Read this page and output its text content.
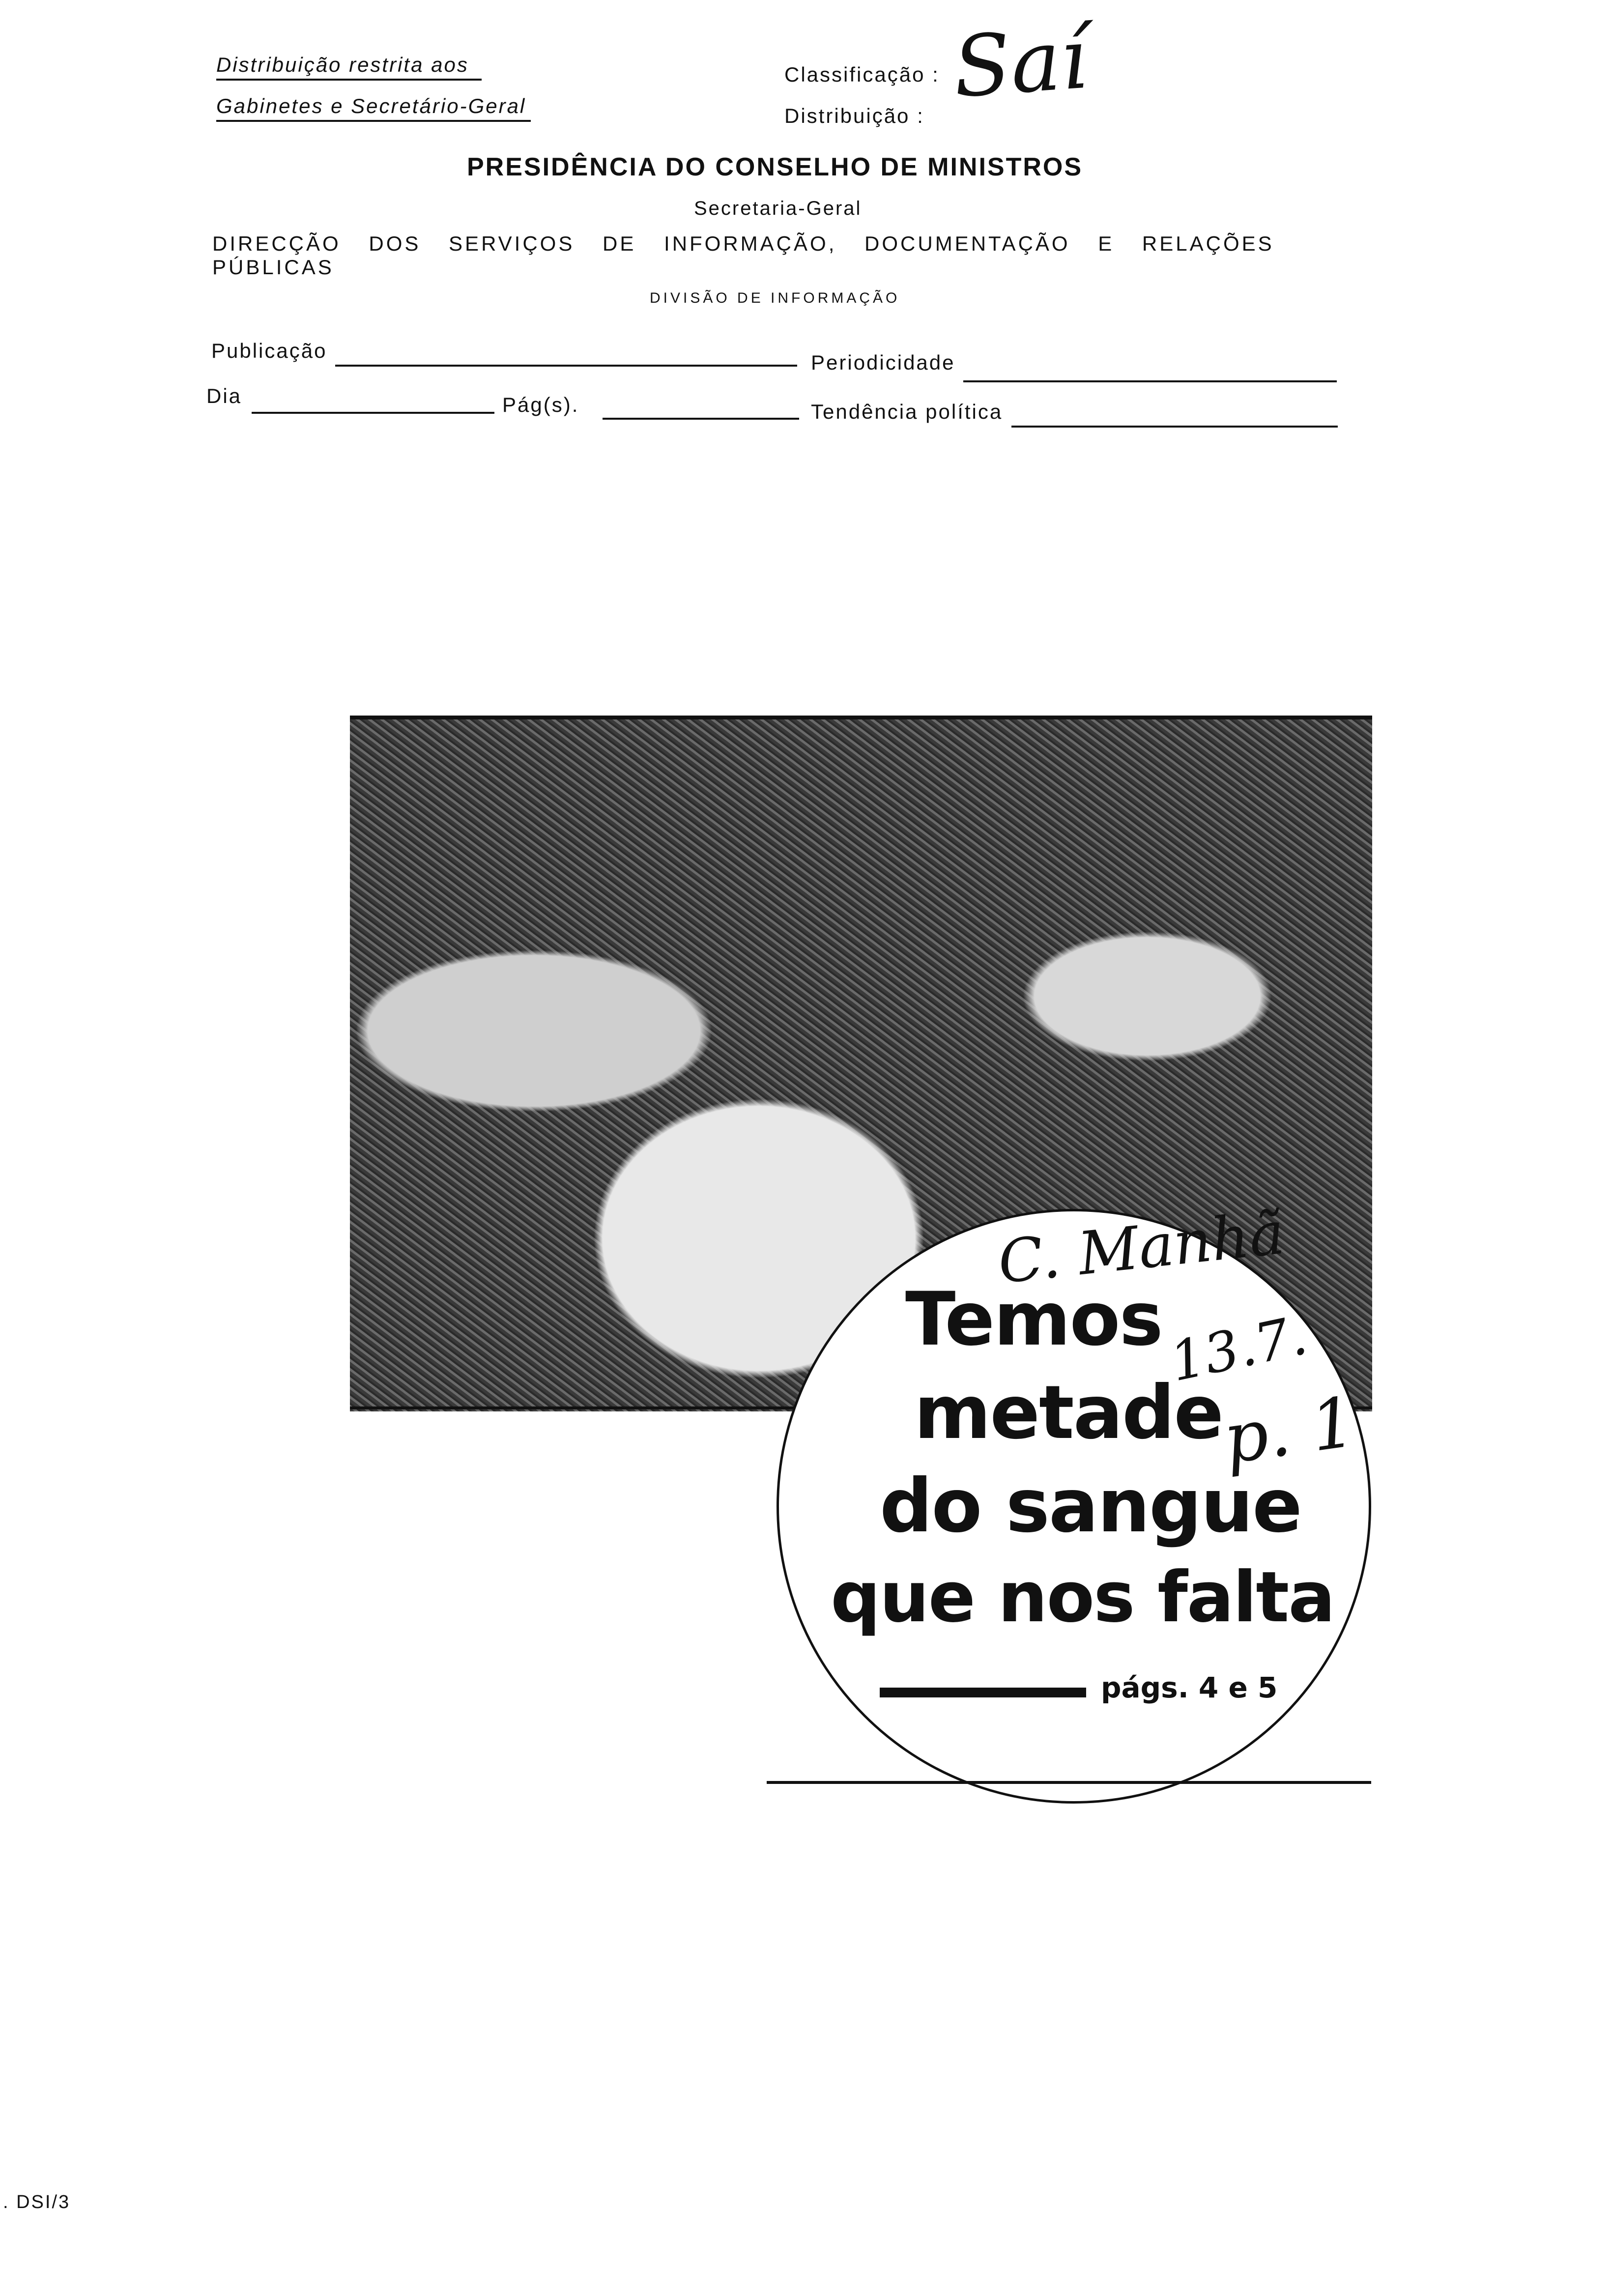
Distribuição restrita aos
Gabinetes e Secretário-Geral
Classificação :
Distribuição : Saí
PRESIDÊNCIA DO CONSELHO DE MINISTROS
Secretaria-Geral
DIRECÇÃO DOS SERVIÇOS DE INFORMAÇÃO, DOCUMENTAÇÃO E RELAÇÕES PÚBLICAS
DIVISÃO DE INFORMAÇÃO
Publicação
Periodicidade
Dia	Pág(s).	Tendência política
Temos
metade
do sangue
que nos falta
págs. 4 e 5
C. Manhã
13.7.
p. 1
. DSI/3
